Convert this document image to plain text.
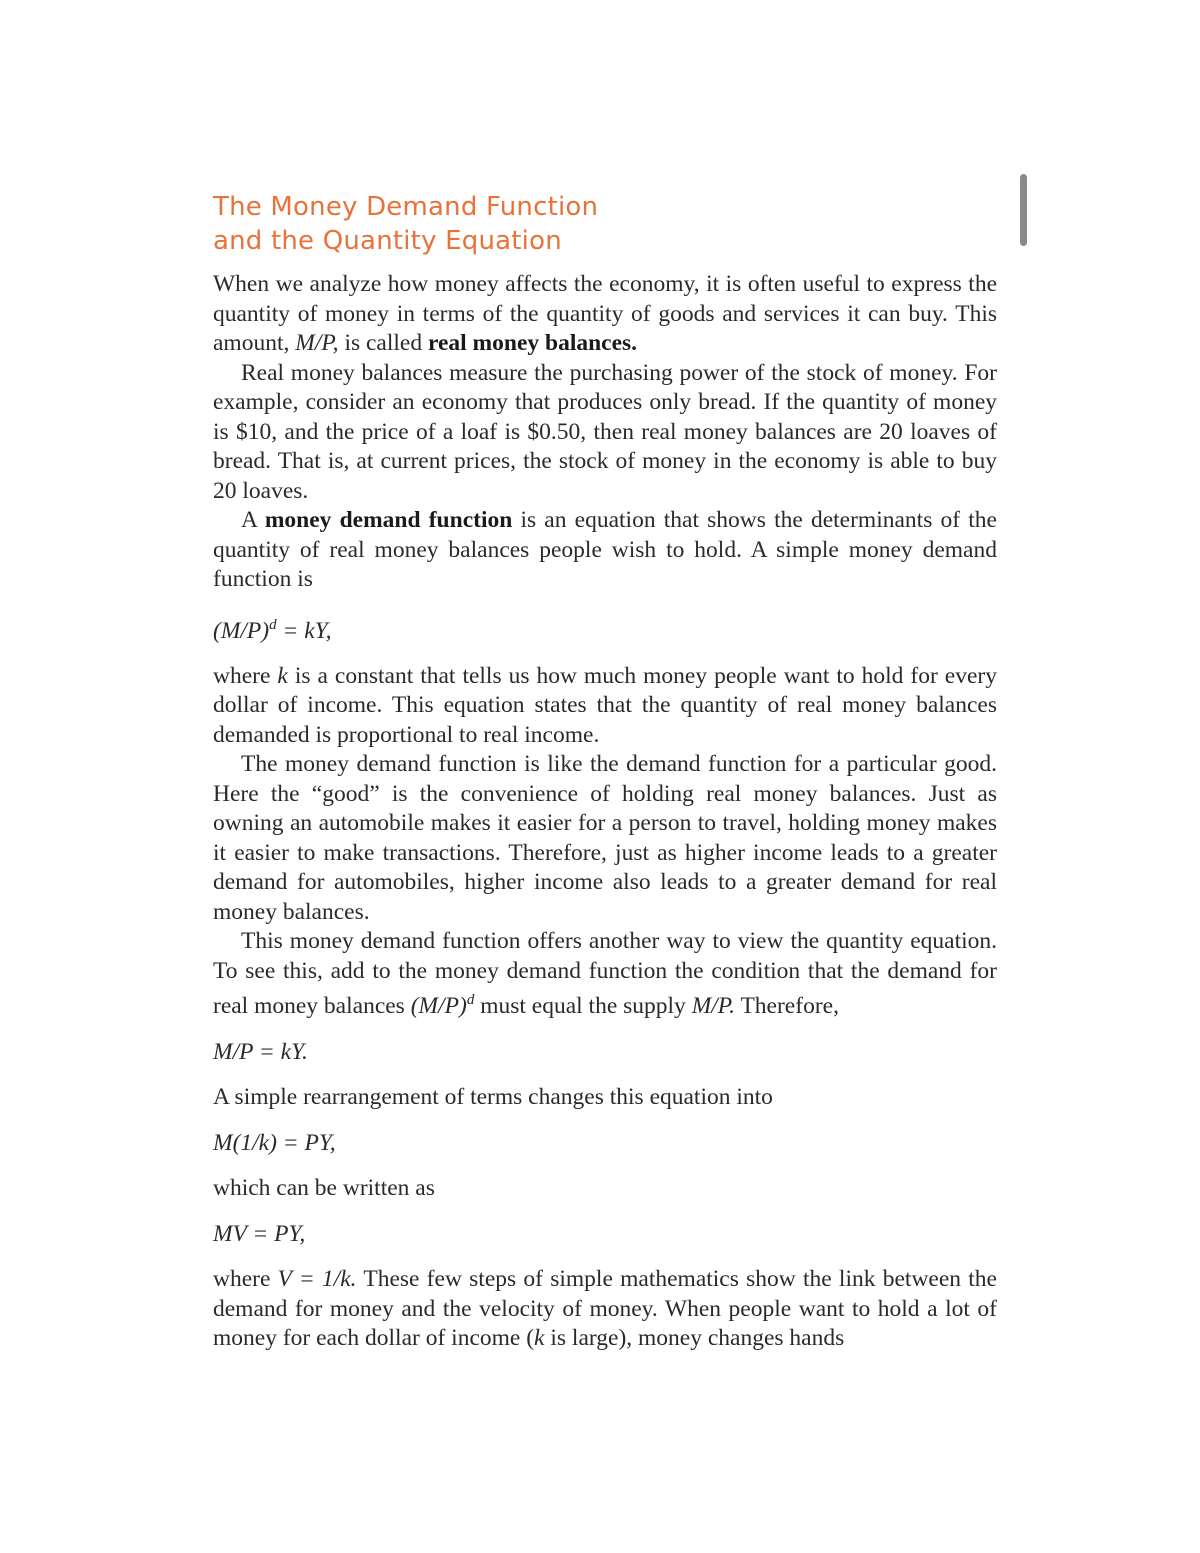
The Money Demand Function
and the Quantity Equation

When we analyze how money affects the economy, it is often useful to express the quantity of money in terms of the quantity of goods and services it can buy. This amount, M/P, is called real money balances.

Real money balances measure the purchasing power of the stock of money. For example, consider an economy that produces only bread. If the quantity of money is $10, and the price of a loaf is $0.50, then real money balances are 20 loaves of bread. That is, at current prices, the stock of money in the economy is able to buy 20 loaves.

A money demand function is an equation that shows the determinants of the quantity of real money balances people wish to hold. A simple money demand function is

$(M/P)^d$ = kY,

where k is a constant that tells us how much money people want to hold for every dollar of income. This equation states that the quantity of real money balances demanded is proportional to real income.

The money demand function is like the demand function for a particular good. Here the “good” is the convenience of holding real money balances. Just as owning an automobile makes it easier for a person to travel, holding money makes it easier to make transactions. Therefore, just as higher income leads to a greater demand for automobiles, higher income also leads to a greater demand for real money balances.

This money demand function offers another way to view the quantity equation. To see this, add to the money demand function the condition that the demand for real money balances $(M/P)^d$ must equal the supply M/P. Therefore,

M/P = kY.

A simple rearrangement of terms changes this equation into

M(1/k) = PY,

which can be written as

MV = PY,

where V = 1/k. These few steps of simple mathematics show the link between the demand for money and the velocity of money. When people want to hold a lot of money for each dollar of income (k is large), money changes hands
